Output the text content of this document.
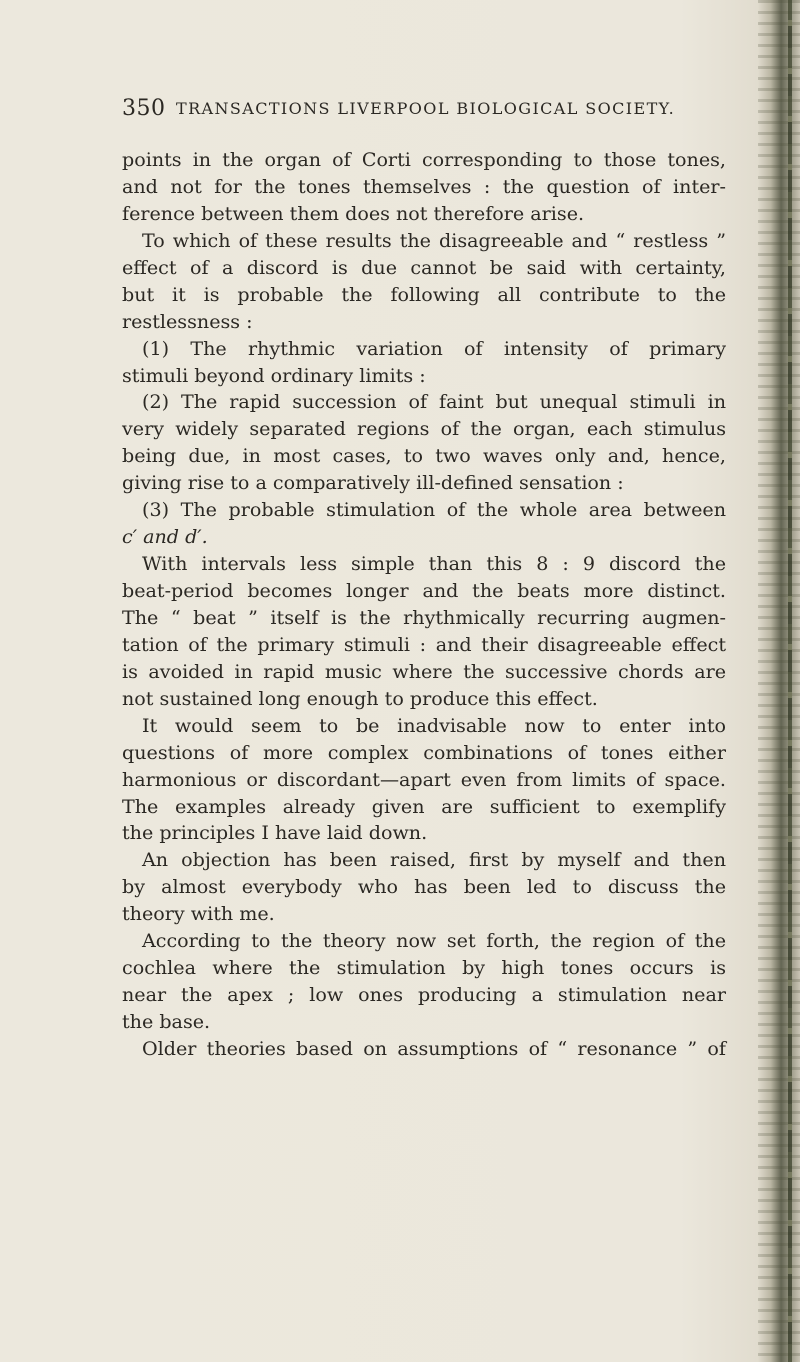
350 TRANSACTIONS LIVERPOOL BIOLOGICAL SOCIETY.
points in the organ of Corti corresponding to those tones,
and not for the tones themselves : the question of inter-
ference between them does not therefore arise.
To which of these results the disagreeable and “ restless ”
effect of a discord is due cannot be said with certainty,
but it is probable the following all contribute to the
restlessness :
(1) The rhythmic variation of intensity of primary
stimuli beyond ordinary limits :
(2) The rapid succession of faint but unequal stimuli in
very widely separated regions of the organ, each stimulus
being due, in most cases, to two waves only and, hence,
giving rise to a comparatively ill-defined sensation :
(3) The probable stimulation of the whole area between
c′ and d′.
With intervals less simple than this 8 : 9 discord the
beat-period becomes longer and the beats more distinct.
The “ beat ” itself is the rhythmically recurring augmen-
tation of the primary stimuli : and their disagreeable effect
is avoided in rapid music where the successive chords are
not sustained long enough to produce this effect.
It would seem to be inadvisable now to enter into
questions of more complex combinations of tones either
harmonious or discordant—apart even from limits of space.
The examples already given are sufficient to exemplify
the principles I have laid down.
An objection has been raised, first by myself and then
by almost everybody who has been led to discuss the
theory with me.
According to the theory now set forth, the region of the
cochlea where the stimulation by high tones occurs is
near the apex ; low ones producing a stimulation near
the base.
Older theories based on assumptions of “ resonance ” of
